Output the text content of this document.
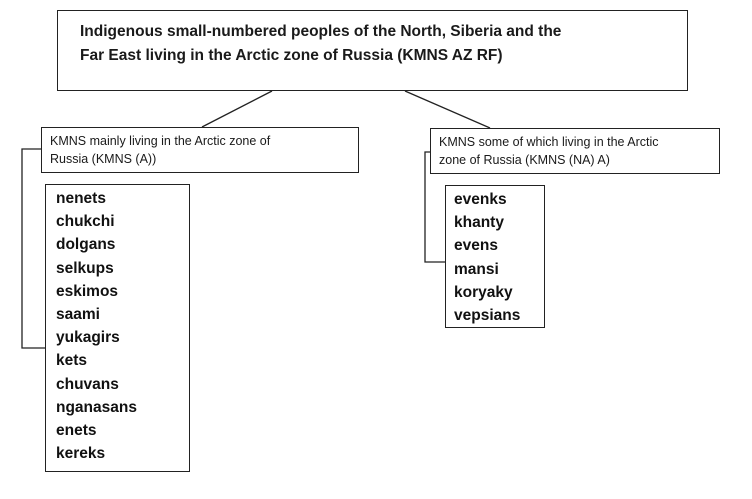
Indigenous small-numbered peoples of the North, Siberia and the
Far East living in the Arctic zone of Russia (KMNS AZ RF)
KMNS mainly living in the Arctic zone of
Russia (KMNS (A))
KMNS some of which living in the Arctic
zone of Russia (KMNS (NA) A)
nenets
chukchi
dolgans
selkups
eskimos
saami
yukagirs
kets
chuvans
nganasans
enets
kereks
evenks
khanty
evens
mansi
koryaky
vepsians
